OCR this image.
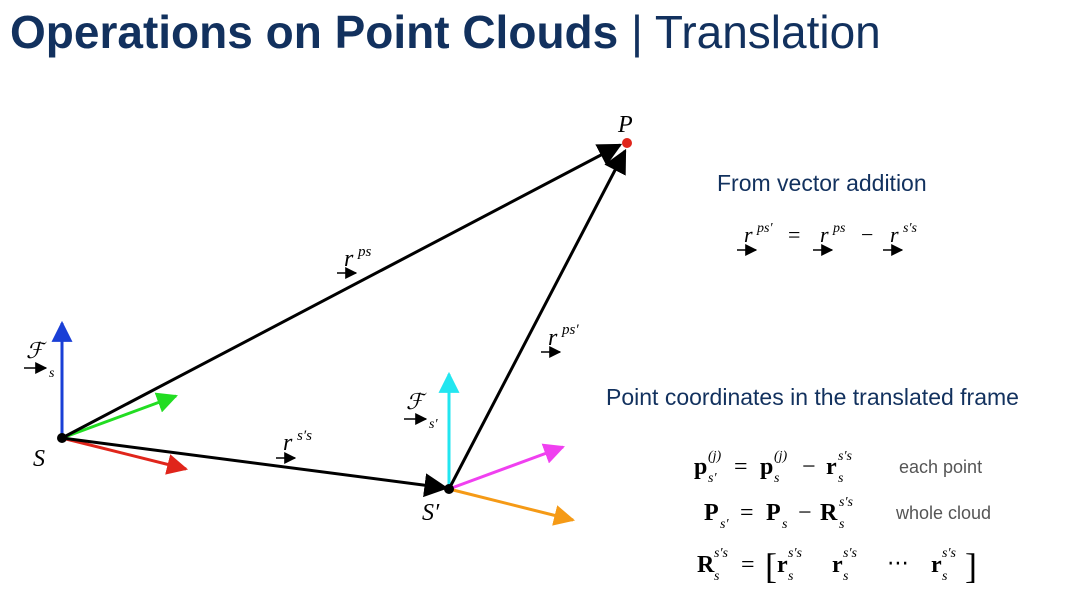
Operations on Point Clouds | Translation
P
S
S′
r ps
r ps′
r s′s
ℱ
s
ℱ
s′
From vector addition
r ps′ = r ps − r s′s
Point coordinates in the translated frame
p (j)
s′ = p (j)
s − r s′s
s
each point
P s′ = P s − R s′s
s
whole cloud
R s′s
s = [ r s′s
s r s′s
s
⋯ r s′s
s ]
